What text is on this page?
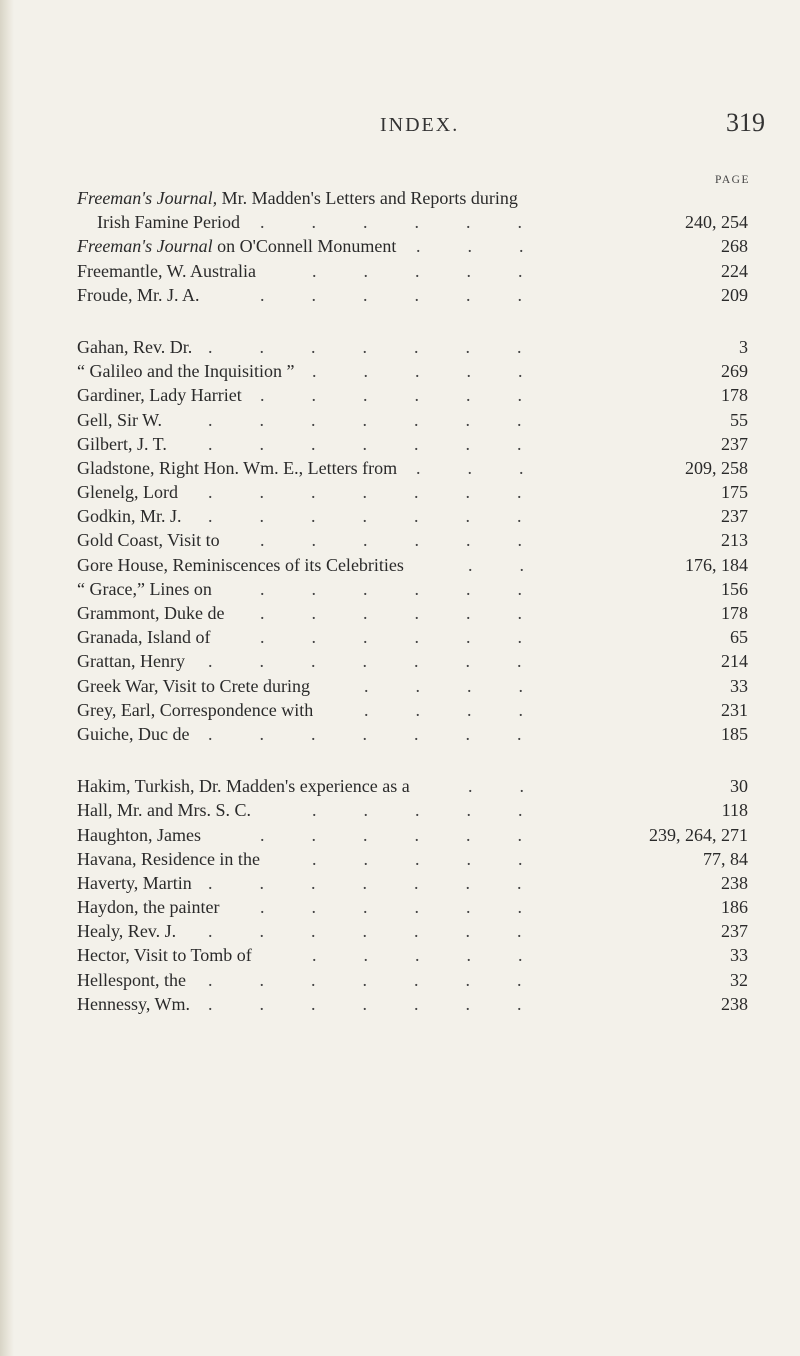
INDEX.	319
PAGE
Freeman's Journal, Mr. Madden's Letters and Reports during
Irish Famine Period	240, 254
......
Freeman's Journal on O'Connell Monument	268
...
Freemantle, W. Australia	224
.....
Froude, Mr. J. A.	209
......
Gahan, Rev. Dr.	3
.......
“ Galileo and the Inquisition ”	269
.....
Gardiner, Lady Harriet	178
......
Gell, Sir W.	55
.......
Gilbert, J. T.	237
.......
Gladstone, Right Hon. Wm. E., Letters from	209, 258
...
Glenelg, Lord	175
.......
Godkin, Mr. J.	237
.......
Gold Coast, Visit to	213
......
Gore House, Reminiscences of its Celebrities	176, 184
..
“ Grace,” Lines on	156
......
Grammont, Duke de	178
......
Granada, Island of	65
......
Grattan, Henry	214
.......
Greek War, Visit to Crete during	33
....
Grey, Earl, Correspondence with	231
....
Guiche, Duc de	185
.......
Hakim, Turkish, Dr. Madden's experience as a	30
..
Hall, Mr. and Mrs. S. C.	118
.....
Haughton, James	239, 264, 271
......
Havana, Residence in the	77, 84
.....
Haverty, Martin	238
.......
Haydon, the painter	186
......
Healy, Rev. J.	237
.......
Hector, Visit to Tomb of	33
.....
Hellespont, the	32
.......
Hennessy, Wm.	238
.......
